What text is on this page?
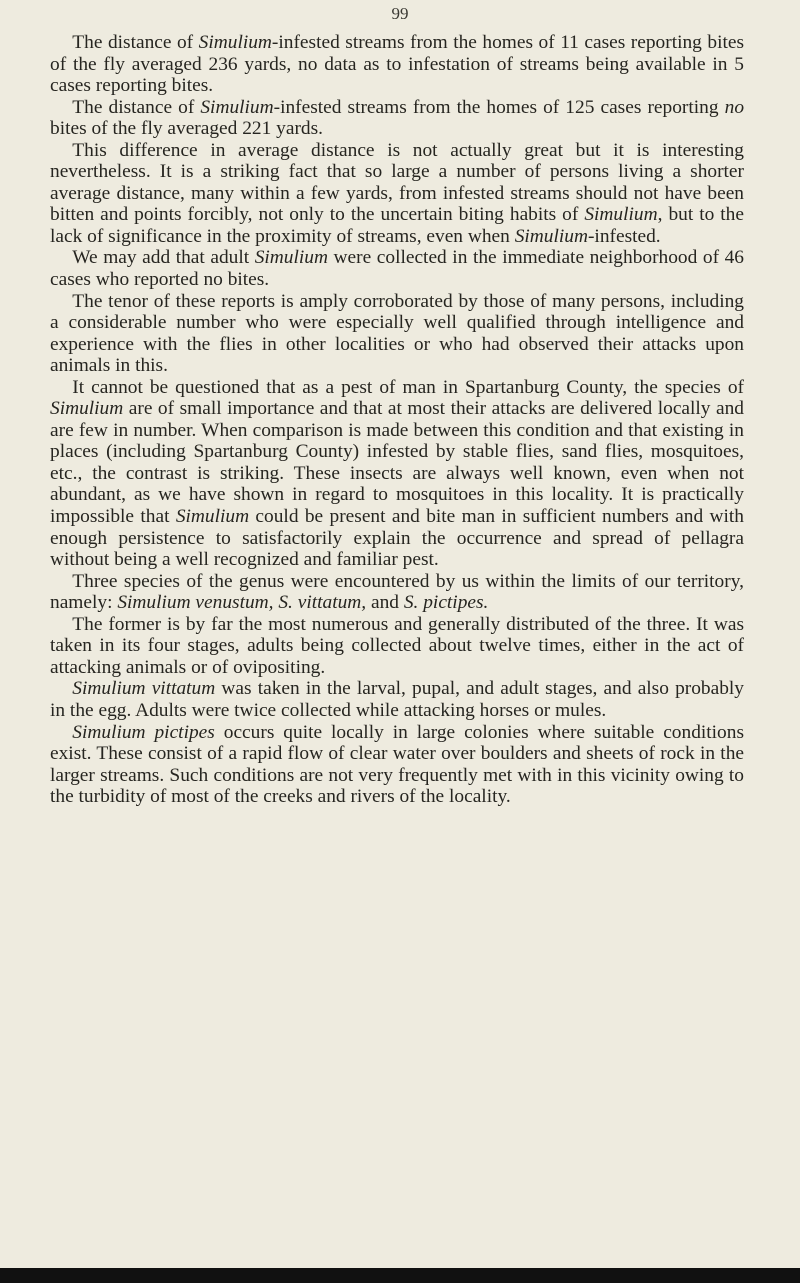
99

The distance of Simulium-infested streams from the homes of 11 cases reporting bites of the fly averaged 236 yards, no data as to infestation of streams being available in 5 cases reporting bites.

The distance of Simulium-infested streams from the homes of 125 cases reporting no bites of the fly averaged 221 yards.

This difference in average distance is not actually great but it is interesting nevertheless. It is a striking fact that so large a number of persons living a shorter average distance, many within a few yards, from infested streams should not have been bitten and points forcibly, not only to the uncertain biting habits of Simulium, but to the lack of significance in the proximity of streams, even when Simulium-infested.

We may add that adult Simulium were collected in the immediate neighborhood of 46 cases who reported no bites.

The tenor of these reports is amply corroborated by those of many persons, including a considerable number who were especially well qualified through intelligence and experience with the flies in other localities or who had observed their attacks upon animals in this.

It cannot be questioned that as a pest of man in Spartanburg County, the species of Simulium are of small importance and that at most their attacks are delivered locally and are few in number. When comparison is made between this condition and that existing in places (including Spartanburg County) infested by stable flies, sand flies, mosquitoes, etc., the contrast is striking. These insects are always well known, even when not abundant, as we have shown in regard to mosquitoes in this locality. It is practically impossible that Simulium could be present and bite man in sufficient numbers and with enough persistence to satisfactorily explain the occurrence and spread of pellagra without being a well recognized and familiar pest.

Three species of the genus were encountered by us within the limits of our territory, namely: Simulium venustum, S. vittatum, and S. pictipes.

The former is by far the most numerous and generally distributed of the three. It was taken in its four stages, adults being collected about twelve times, either in the act of attacking animals or of ovipositing.

Simulium vittatum was taken in the larval, pupal, and adult stages, and also probably in the egg. Adults were twice collected while attacking horses or mules.

Simulium pictipes occurs quite locally in large colonies where suitable conditions exist. These consist of a rapid flow of clear water over boulders and sheets of rock in the larger streams. Such conditions are not very frequently met with in this vicinity owing to the turbidity of most of the creeks and rivers of the locality.
